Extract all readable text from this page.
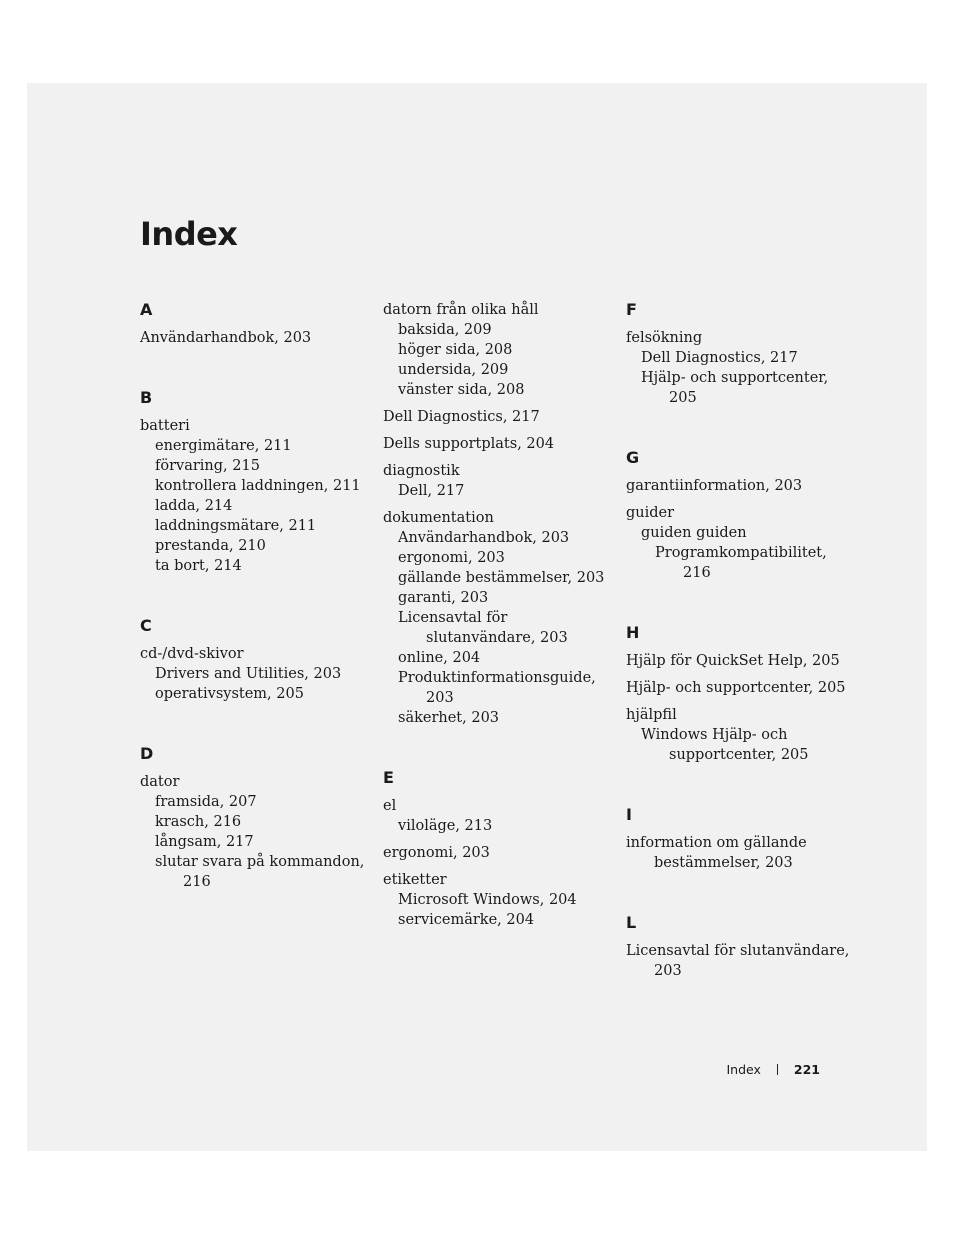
Index
A
Användarhandbok, 203
B
batteri
energimätare, 211
förvaring, 215
kontrollera laddningen, 211
ladda, 214
laddningsmätare, 211
prestanda, 210
ta bort, 214
C
cd-/dvd-skivor
Drivers and Utilities, 203
operativsystem, 205
D
dator
framsida, 207
krasch, 216
långsam, 217
slutar svara på kommandon, 216
datorn från olika håll
baksida, 209
höger sida, 208
undersida, 209
vänster sida, 208
Dell Diagnostics, 217
Dells supportplats, 204
diagnostik
Dell, 217
dokumentation
Användarhandbok, 203
ergonomi, 203
gällande bestämmelser, 203
garanti, 203
Licensavtal för slutanvändare, 203
online, 204
Produktinformationsguide, 203
säkerhet, 203
E
el
viloläge, 213
ergonomi, 203
etiketter
Microsoft Windows, 204
servicemärke, 204
F
felsökning
Dell Diagnostics, 217
Hjälp- och supportcenter, 205
G
garantiinformation, 203
guider
guiden guiden
Programkompatibilitet, 216
H
Hjälp för QuickSet Help, 205
Hjälp- och supportcenter, 205
hjälpfil
Windows Hjälp- och supportcenter, 205
I
information om gällande bestämmelser, 203
L
Licensavtal för slutanvändare, 203
Index	221
